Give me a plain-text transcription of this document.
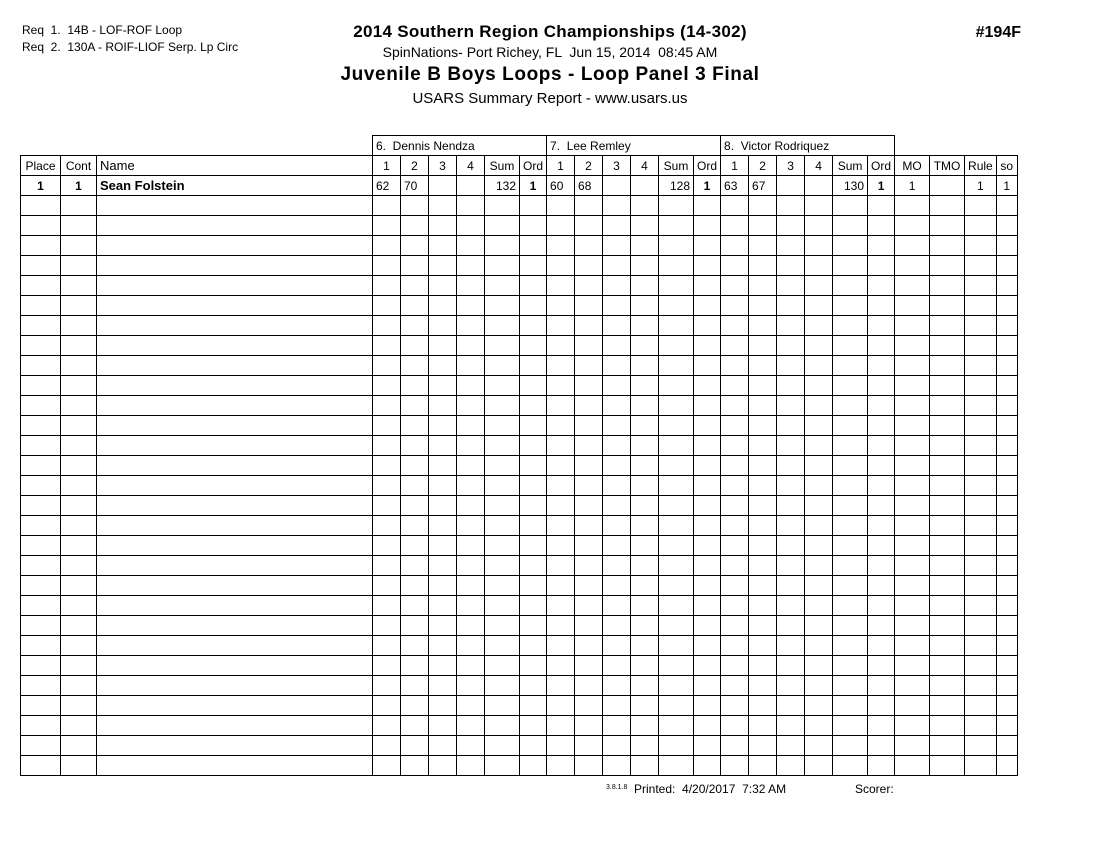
Req  1.  14B - LOF-ROF Loop
Req  2.  130A - ROIF-LIOF Serp. Lp Circ
2014 Southern Region Championships (14-302)
SpinNations- Port Richey, FL  Jun 15, 2014  08:45 AM
Juvenile B Boys Loops - Loop Panel 3 Final
USARS Summary Report - www.usars.us
#194F
			6.  Dennis Nendza						7.  Lee Remley						8.  Victor Rodriquez									
Place	Cont	Name	1	2	3	4	Sum	Ord	1	2	3	4	Sum	Ord	1	2	3	4	Sum	Ord	MO	TMO	Rule	so
1	1	Sean Folstein	62	70			132	1	60	68			128	1	63	67			130	1	1		1	1

3.8.1.8 Printed:  4/20/2017  7:32 AM	Scorer:
